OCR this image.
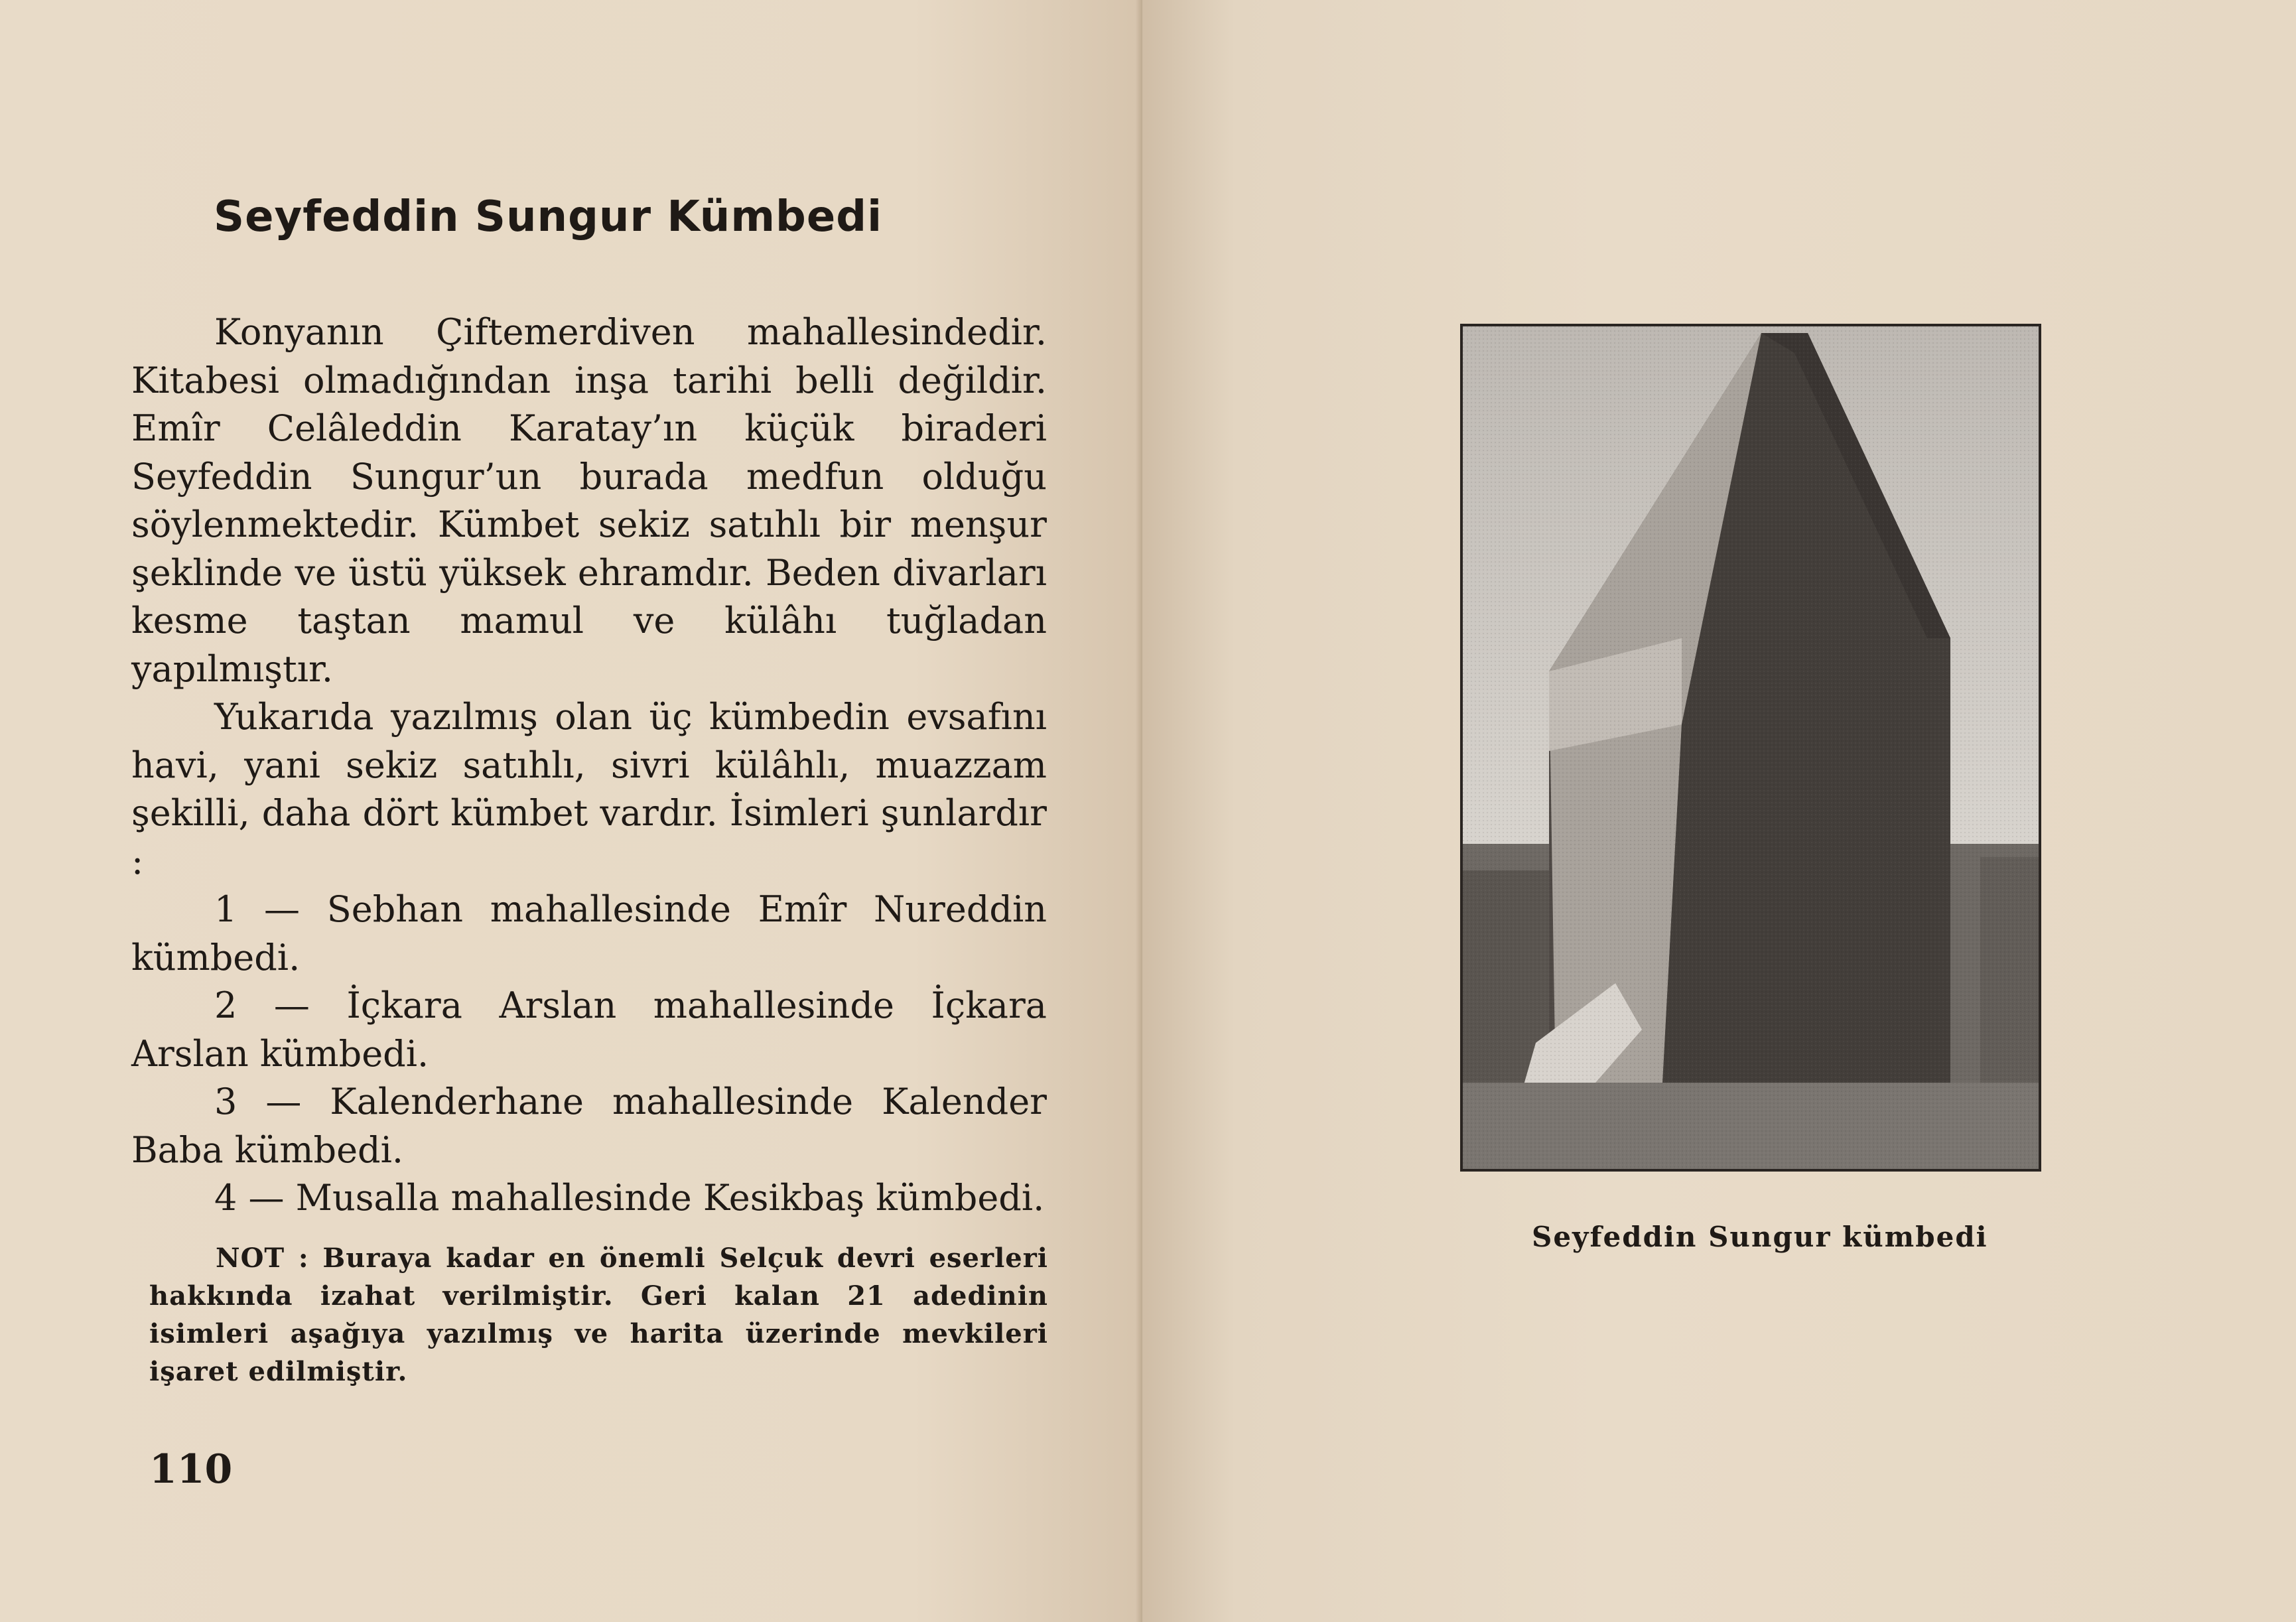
Seyfeddin Sungur Kümbedi

Konyanın Çiftemerdiven mahallesindedir. Kitabesi olmadığından inşa tarihi belli değildir. Emîr Celâleddin Karatay’ın küçük biraderi Seyfeddin Sungur’un burada medfun olduğu söylenmektedir. Kümbet sekiz satıhlı bir menşur şeklinde ve üstü yüksek ehramdır. Beden divarları kesme taştan mamul ve külâhı tuğladan yapılmıştır.

Yukarıda yazılmış olan üç kümbedin evsafını havi, yani sekiz satıhlı, sivri külâhlı, muazzam şekilli, daha dört kümbet vardır. İsimleri şunlardır :

1 — Sebhan mahallesinde Emîr Nureddin kümbedi.

2 — İçkara Arslan mahallesinde İçkara Arslan kümbedi.

3 — Kalenderhane mahallesinde Kalender Baba kümbedi.

4 — Musalla mahallesinde Kesikbaş kümbedi.

NOT : Buraya kadar en önemli Selçuk devri eserleri hakkında izahat verilmiştir. Geri kalan 21 adedinin isimleri aşağıya yazılmış ve harita üzerinde mevkileri işaret edilmiştir.

110
Seyfeddin Sungur kümbedi
